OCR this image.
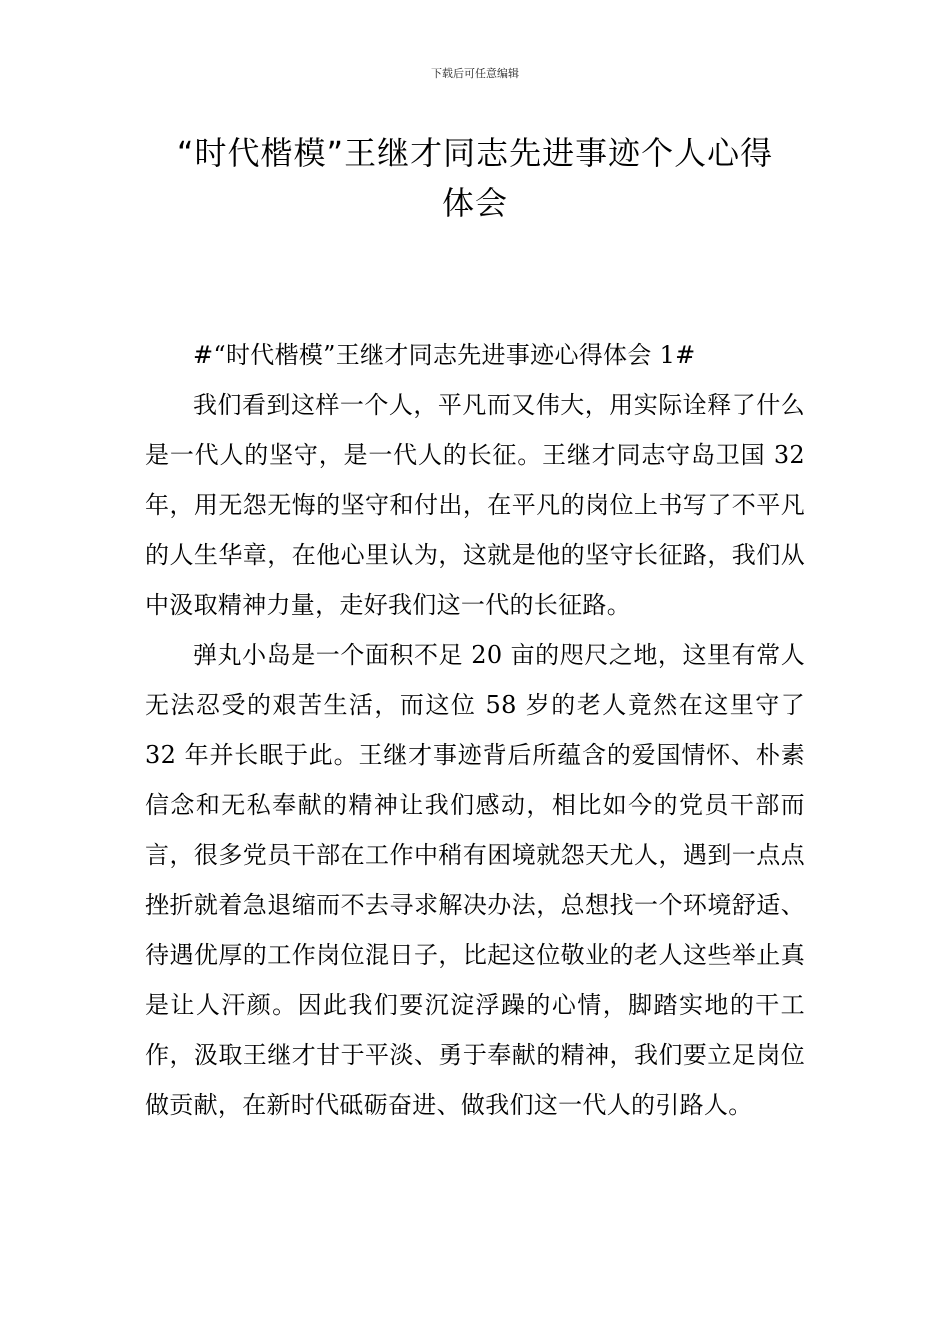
下载后可任意编辑
“时代楷模”王继才同志先进事迹个人心得体会

#“时代楷模”王继才同志先进事迹心得体会 1#

我们看到这样一个人，平凡而又伟大，用实际诠释了什么是一代人的坚守，是一代人的长征。王继才同志守岛卫国 32 年，用无怨无悔的坚守和付出，在平凡的岗位上书写了不平凡的人生华章，在他心里认为，这就是他的坚守长征路，我们从中汲取精神力量，走好我们这一代的长征路。

弹丸小岛是一个面积不足 20 亩的咫尺之地，这里有常人无法忍受的艰苦生活，而这位 58 岁的老人竟然在这里守了 32 年并长眠于此。王继才事迹背后所蕴含的爱国情怀、朴素信念和无私奉献的精神让我们感动，相比如今的党员干部而言，很多党员干部在工作中稍有困境就怨天尤人，遇到一点点挫折就着急退缩而不去寻求解决办法，总想找一个环境舒适、待遇优厚的工作岗位混日子，比起这位敬业的老人这些举止真是让人汗颜。因此我们要沉淀浮躁的心情，脚踏实地的干工作，汲取王继才甘于平淡、勇于奉献的精神，我们要立足岗位做贡献，在新时代砥砺奋进、做我们这一代人的引路人。
